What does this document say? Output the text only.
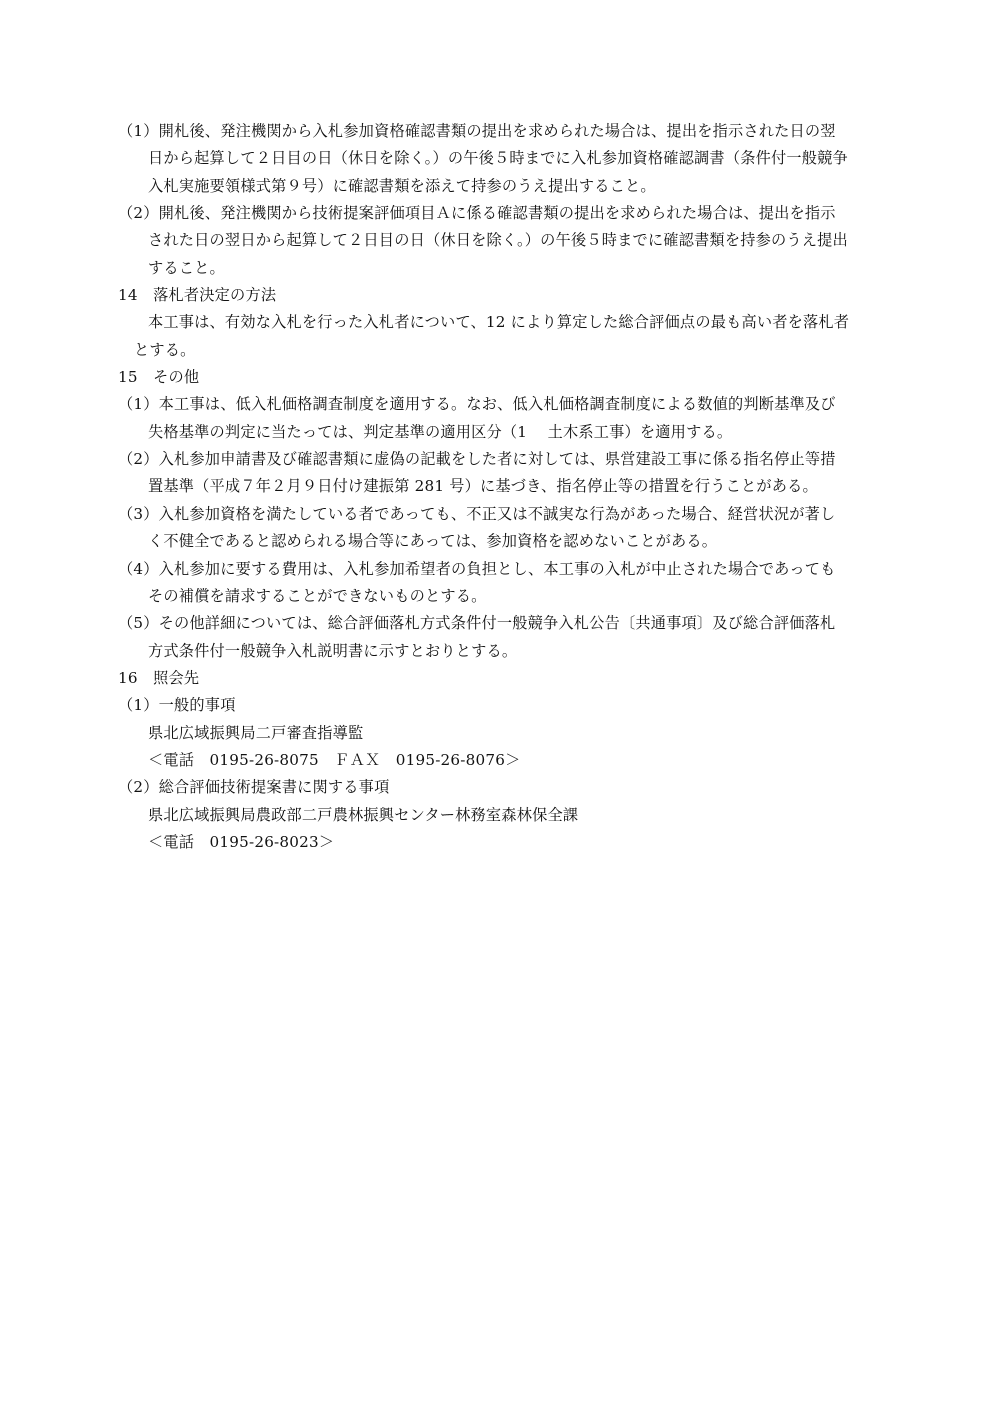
（1）開札後、発注機関から入札参加資格確認書類の提出を求められた場合は、提出を指示された日の翌
日から起算して２日目の日（休日を除く。）の午後５時までに入札参加資格確認調書（条件付一般競争
入札実施要領様式第９号）に確認書類を添えて持参のうえ提出すること。
（2）開札後、発注機関から技術提案評価項目Ａに係る確認書類の提出を求められた場合は、提出を指示
された日の翌日から起算して２日目の日（休日を除く。）の午後５時までに確認書類を持参のうえ提出
すること。
14　落札者決定の方法
本工事は、有効な入札を行った入札者について、12 により算定した総合評価点の最も高い者を落札者
とする。
15　その他
（1）本工事は、低入札価格調査制度を適用する。なお、低入札価格調査制度による数値的判断基準及び
失格基準の判定に当たっては、判定基準の適用区分（1　 土木系工事）を適用する。
（2）入札参加申請書及び確認書類に虚偽の記載をした者に対しては、県営建設工事に係る指名停止等措
置基準（平成７年２月９日付け建振第 281 号）に基づき、指名停止等の措置を行うことがある。
（3）入札参加資格を満たしている者であっても、不正又は不誠実な行為があった場合、経営状況が著し
く不健全であると認められる場合等にあっては、参加資格を認めないことがある。
（4）入札参加に要する費用は、入札参加希望者の負担とし、本工事の入札が中止された場合であっても
その補償を請求することができないものとする。
（5）その他詳細については、総合評価落札方式条件付一般競争入札公告〔共通事項〕及び総合評価落札
方式条件付一般競争入札説明書に示すとおりとする。
16　照会先
（1）一般的事項
県北広域振興局二戸審査指導監
＜電話　0195-26-8075　ＦＡＸ　0195-26-8076＞
（2）総合評価技術提案書に関する事項
県北広域振興局農政部二戸農林振興センター林務室森林保全課
＜電話　0195-26-8023＞
